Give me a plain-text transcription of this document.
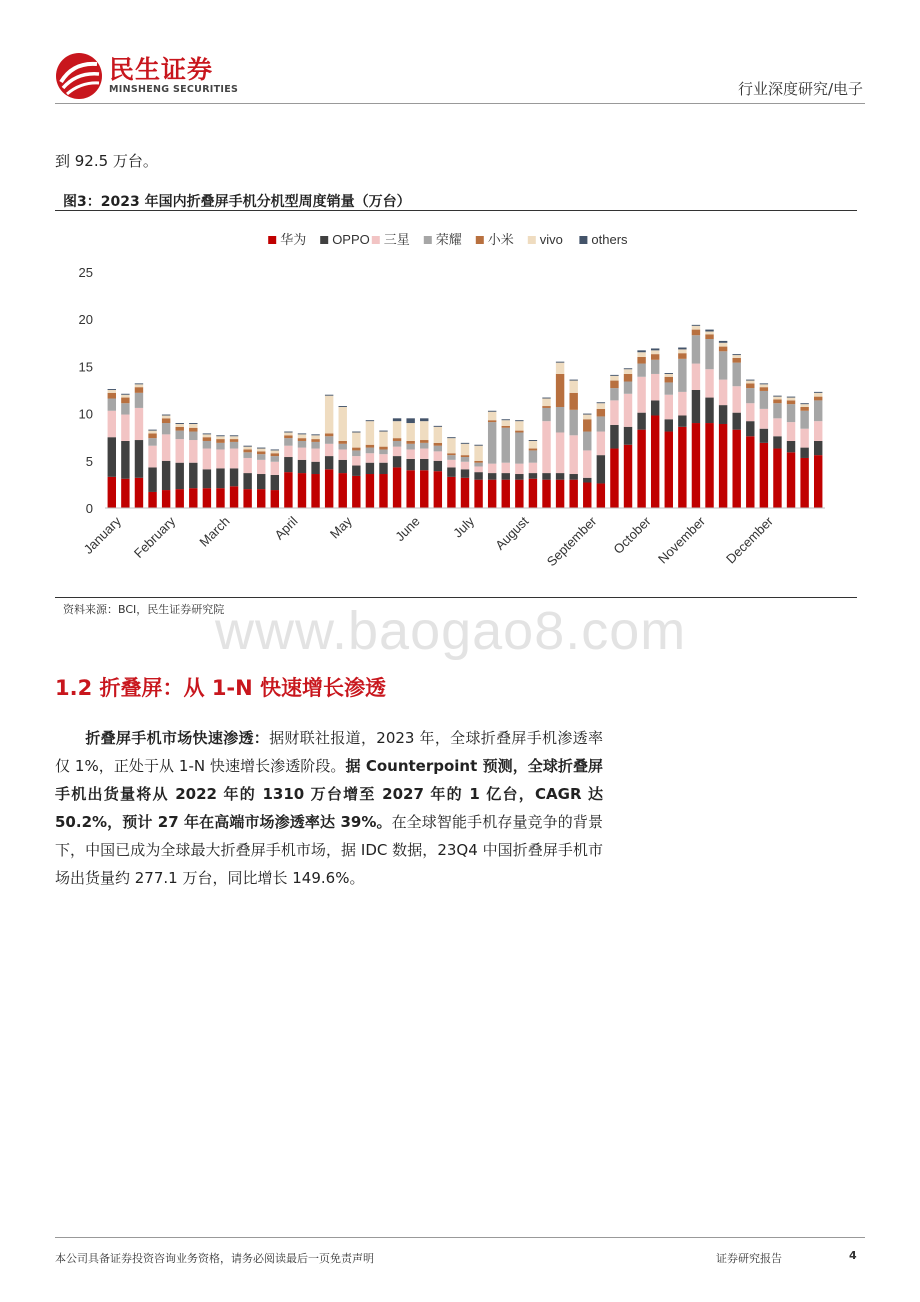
民生证券
MINSHENG SECURITIES	行业深度研究/电子
到 92.5 万台。
图3：2023 年国内折叠屏手机分机型周度销量（万台）
华为 OPPO 三星 荣耀 小米 vivo others
0
5
10
15
20
25
January February March	April May	June July August September October November December
资料来源：BCI，民生证券研究院
www.baogao8.com
1.2 折叠屏：从 1-N 快速增长渗透
折叠屏手机市场快速渗透：据财联社报道，2023 年，全球折叠屏手机渗透率仅 1%，正处于从 1-N 快速增长渗透阶段。据 Counterpoint 预测，全球折叠屏手机出货量将从 2022 年的 1310 万台增至 2027 年的 1 亿台，CAGR 达 50.2%，预计 27 年在高端市场渗透率达 39%。在全球智能手机存量竞争的背景下，中国已成为全球最大折叠屏手机市场，据 IDC 数据，23Q4 中国折叠屏手机市场出货量约 277.1 万台，同比增长 149.6%。
本公司具备证券投资咨询业务资格，请务必阅读最后一页免责声明	证券研究报告	4
